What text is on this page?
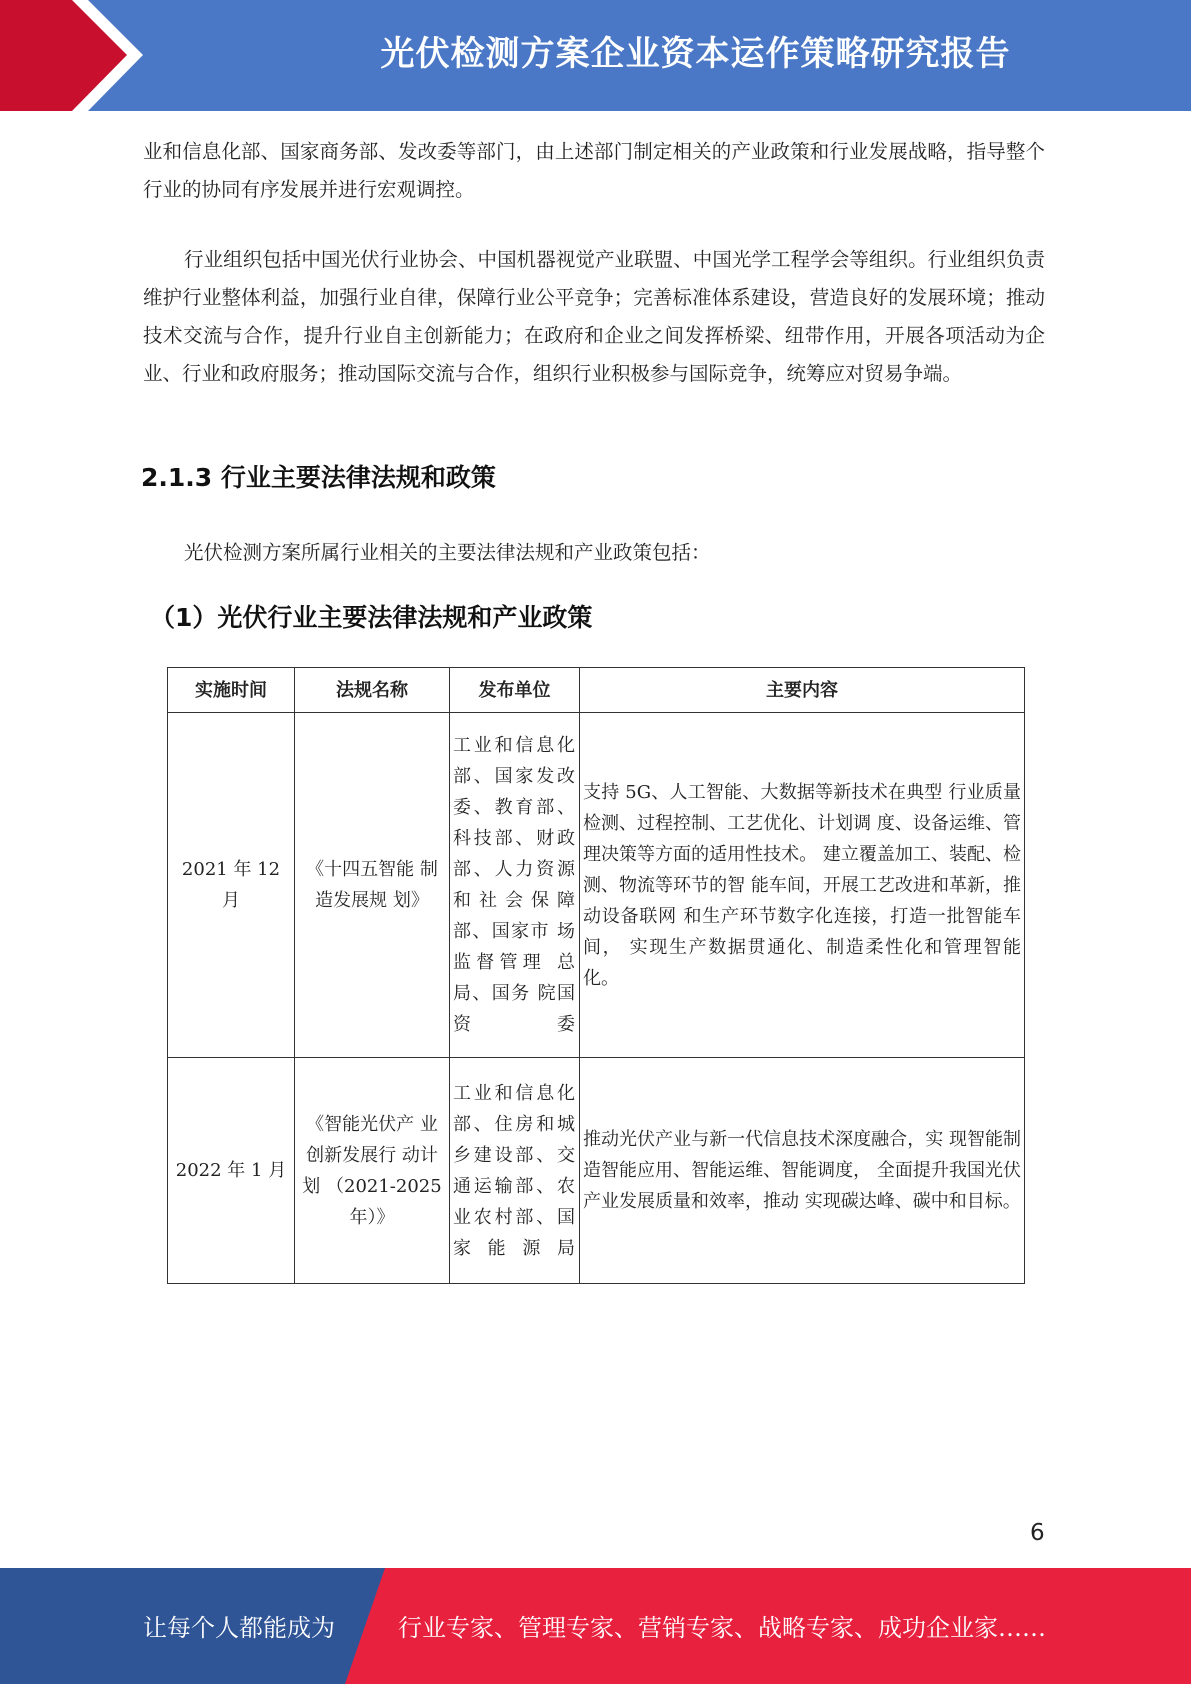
光伏检测方案企业资本运作策略研究报告
业和信息化部、国家商务部、发改委等部门，由上述部门制定相关的产业政策和行业发展战略，指导整个行业的协同有序发展并进行宏观调控。
行业组织包括中国光伏行业协会、中国机器视觉产业联盟、中国光学工程学会等组织。行业组织负责维护行业整体利益，加强行业自律，保障行业公平竞争；完善标准体系建设，营造良好的发展环境；推动技术交流与合作，提升行业自主创新能力；在政府和企业之间发挥桥梁、纽带作用，开展各项活动为企业、行业和政府服务；推动国际交流与合作，组织行业积极参与国际竞争，统筹应对贸易争端。
2.1.3 行业主要法律法规和政策
光伏检测方案所属行业相关的主要法律法规和产业政策包括：
（1）光伏行业主要法律法规和产业政策
实施时间	法规名称	发布单位	主要内容
2021 年 12 月	《十四五智能 制造发展规 划》	工业和信息化部、国家发改委、教育部、科技部、财政部、人力资源和社会保障 部、国家市 场监督管理 总局、国务 院国资委	支持 5G、人工智能、大数据等新技术在典型 行业质量检测、过程控制、工艺优化、计划调 度、设备运维、管理决策等方面的适用性技术。 建立覆盖加工、装配、检测、物流等环节的智 能车间，开展工艺改进和革新，推动设备联网 和生产环节数字化连接，打造一批智能车间， 实现生产数据贯通化、制造柔性化和管理智能 化。
2022 年 1 月	《智能光伏产 业创新发展行 动计划 （2021-2025 年）》	工业和信息化部、住房和城乡建设部、交通运输部、农业农村部、国家能源局	推动光伏产业与新一代信息技术深度融合，实 现智能制造智能应用、智能运维、智能调度， 全面提升我国光伏产业发展质量和效率，推动 实现碳达峰、碳中和目标。
6
让每个人都能成为	行业专家、管理专家、营销专家、战略专家、成功企业家……
